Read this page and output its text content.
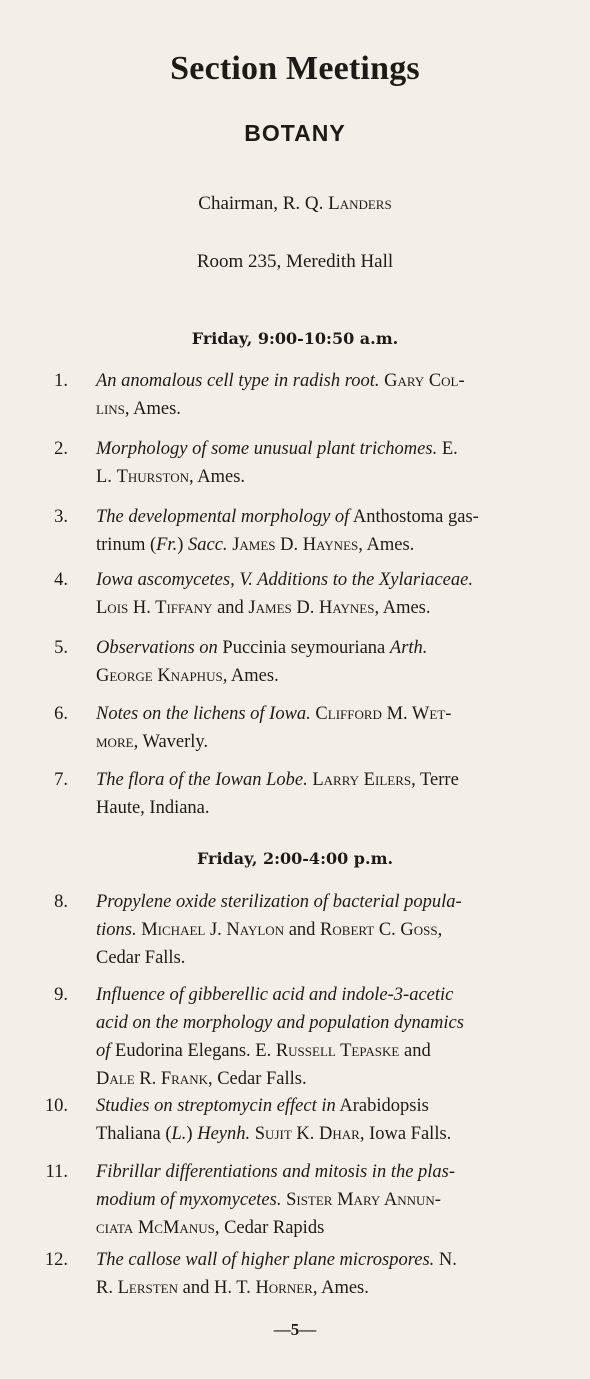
Section Meetings
BOTANY
Chairman, R. Q. Landers
Room 235, Meredith Hall
Friday, 9:00-10:50 a.m.
Friday, 2:00-4:00 p.m.
—5—
1. An anomalous cell type in radish root. Gary Col-
lins, Ames.
2. Morphology of some unusual plant trichomes. E.
L. Thurston, Ames.
3. The developmental morphology of Anthostoma gas-
trinum (Fr.) Sacc. James D. Haynes, Ames.
4. Iowa ascomycetes, V. Additions to the Xylariaceae.
Lois H. Tiffany and James D. Haynes, Ames.
5. Observations on Puccinia seymouriana Arth.
George Knaphus, Ames.
6. Notes on the lichens of Iowa. Clifford M. Wet-
more, Waverly.
7. The flora of the Iowan Lobe. Larry Eilers, Terre
Haute, Indiana.
8. Propylene oxide sterilization of bacterial popula-
tions. Michael J. Naylon and Robert C. Goss,
Cedar Falls.
9. Influence of gibberellic acid and indole-3-acetic
acid on the morphology and population dynamics
of Eudorina Elegans. E. Russell Tepaske and
Dale R. Frank, Cedar Falls.
10. Studies on streptomycin effect in Arabidopsis
Thaliana (L.) Heynh. Sujit K. Dhar, Iowa Falls.
11. Fibrillar differentiations and mitosis in the plas-
modium of myxomycetes. Sister Mary Annun-
ciata McManus, Cedar Rapids
12. The callose wall of higher plane microspores. N.
R. Lersten and H. T. Horner, Ames.
